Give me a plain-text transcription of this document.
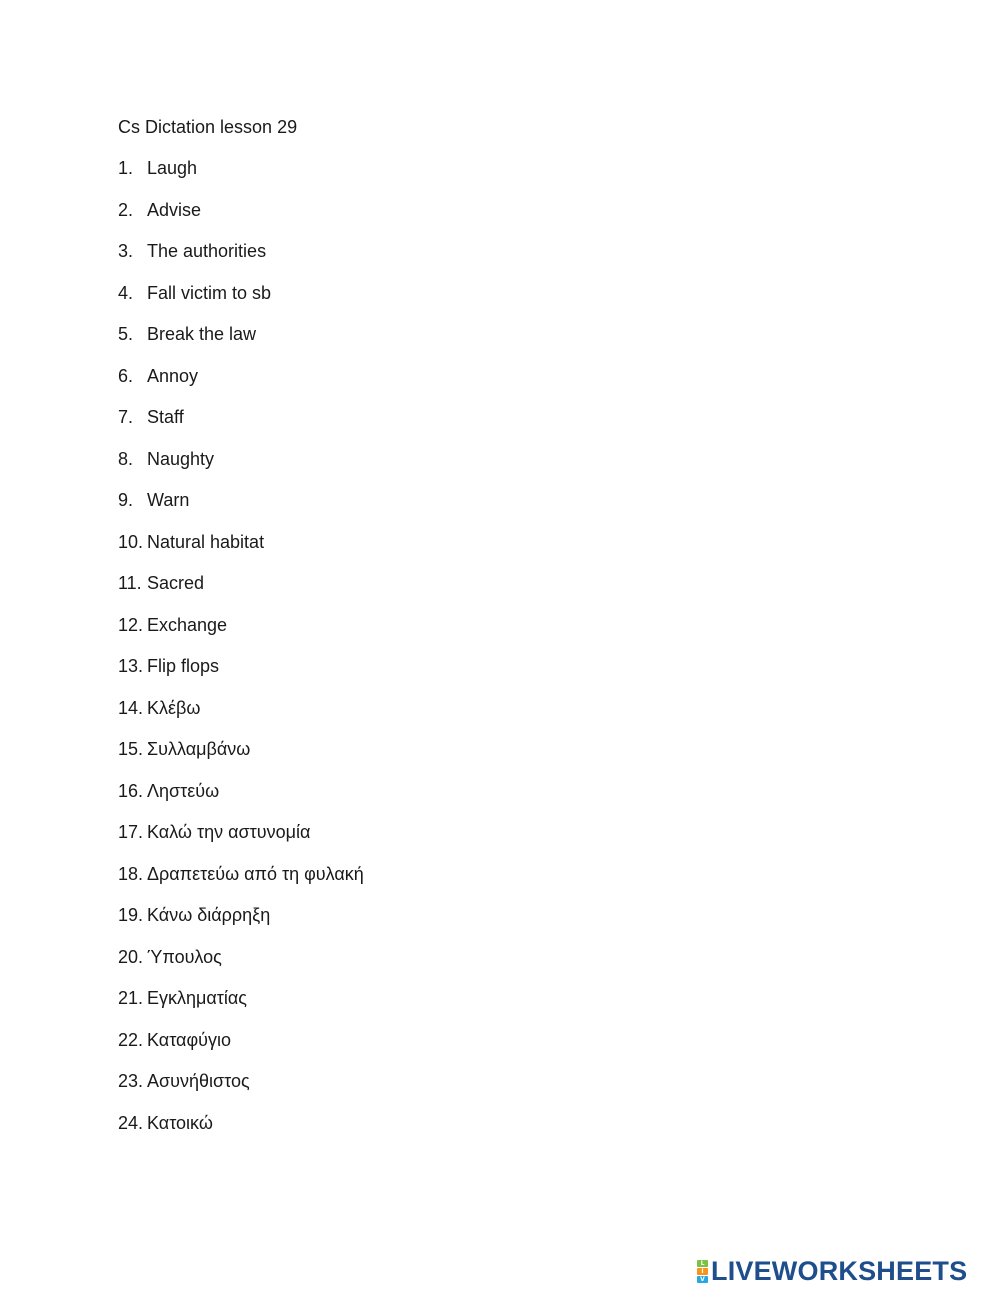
Cs Dictation lesson 29
1. Laugh
2. Advise
3. The authorities
4. Fall victim to sb
5. Break the law
6. Annoy
7. Staff
8. Naughty
9. Warn
10. Natural habitat
11. Sacred
12. Exchange
13. Flip flops
14. Κλέβω
15. Συλλαμβάνω
16. Ληστεύω
17. Καλώ την αστυνομία
18. Δραπετεύω από τη φυλακή
19. Κάνω διάρρηξη
20. Ύπουλος
21. Εγκληματίας
22. Καταφύγιο
23. Ασυνήθιστος
24. Κατοικώ
L
I
V LIVEWORKSHEETS
